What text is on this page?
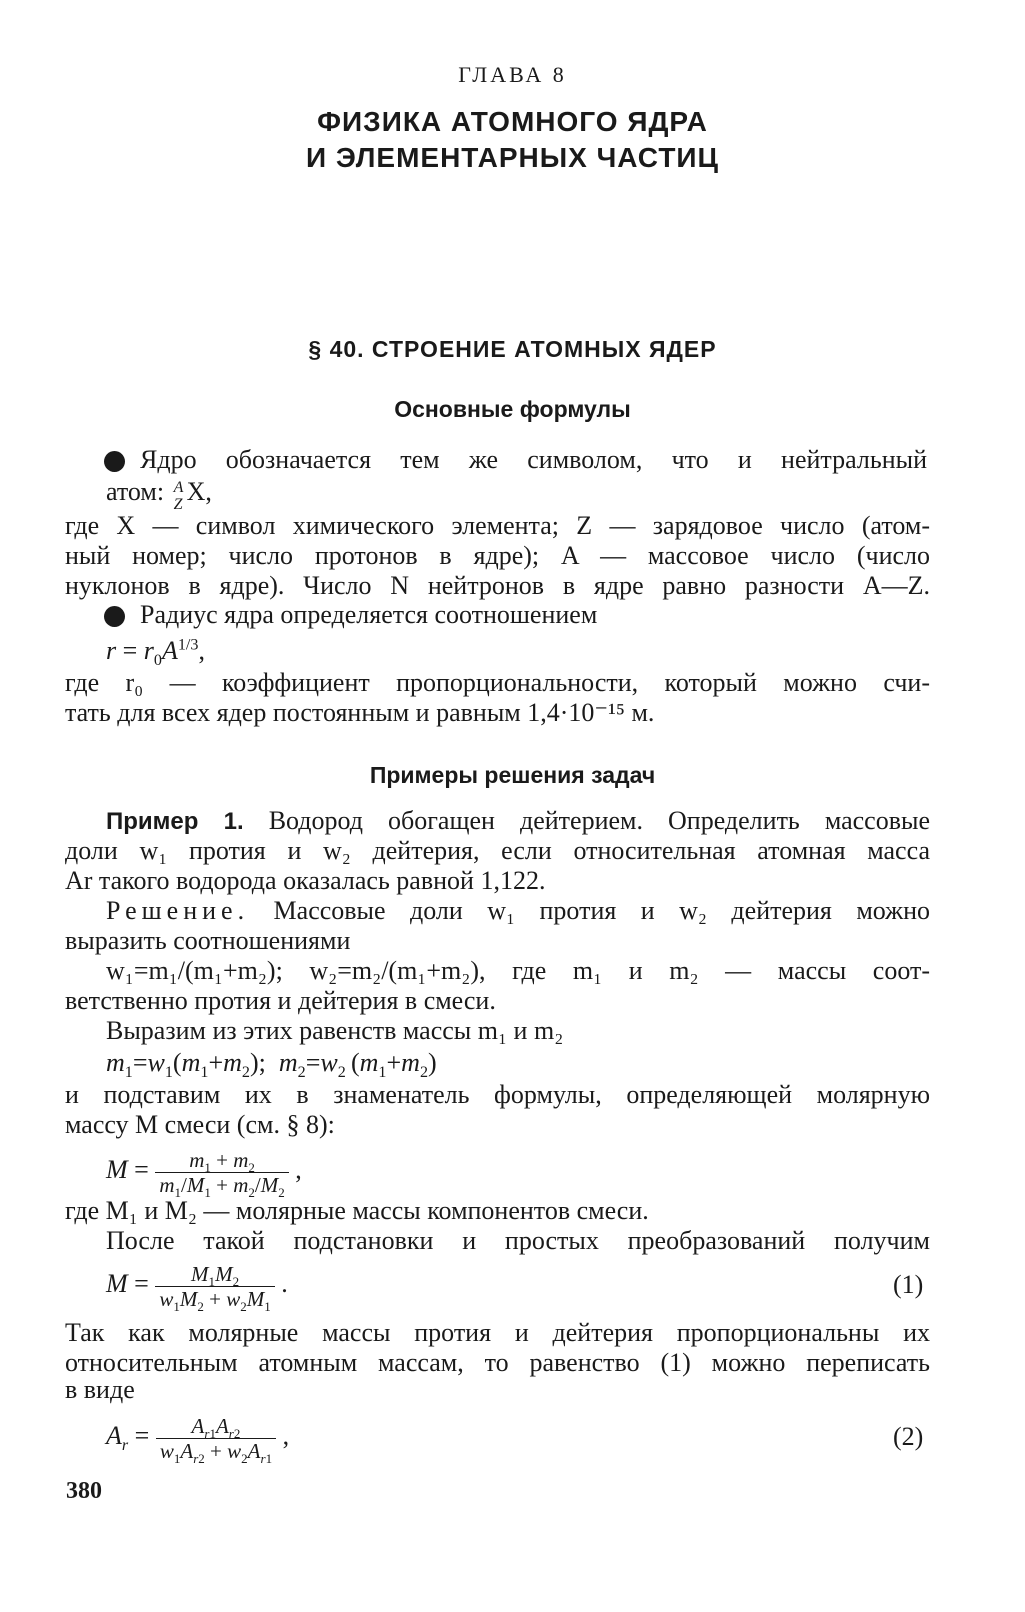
ГЛАВА 8
ФИЗИКА АТОМНОГО ЯДРА
И ЭЛЕМЕНТАРНЫХ ЧАСТИЦ
§ 40. СТРОЕНИЕ АТОМНЫХ ЯДЕР
Основные формулы
Ядро обозначается тем же символом, что и нейтральный
атом: A
Z X,
где X — символ химического элемента; Z — зарядовое число (атом-
ный номер; число протонов в ядре); A — массовое число (число
нуклонов в ядре). Число N нейтронов в ядре равно разности A—Z.
Радиус ядра определяется соотношением
$r = r_0A^{1/3}$,
где r₀ — коэффициент пропорциональности, который можно счи-
тать для всех ядер постоянным и равным 1,4·10⁻¹⁵ м.
Примеры решения задач
Пример 1. Водород обогащен дейтерием. Определить массовые
доли w₁ протия и w₂ дейтерия, если относительная атомная масса
Ar такого водорода оказалась равной 1,122.
Решение. Массовые доли w₁ протия и w₂ дейтерия можно
выразить соотношениями
w₁=m₁/(m₁+m₂); w₂=m₂/(m₁+m₂), где m₁ и m₂ — массы соот-
ветственно протия и дейтерия в смеси.
Выразим из этих равенств массы m₁ и m₂
$m_1=w_1(m_1+m_2)$;  $m_2=w_2$ $(m_1+m_2)$
и подставим их в знаменатель формулы, определяющей молярную
массу M смеси (см. § 8):
$M = \frac{m_1 + m_2}{m_1/M_1 + m_2/M_2}$ ,
где M₁ и M₂ — молярные массы компонентов смеси.
После такой подстановки и простых преобразований получим
$M = \frac{M_1M_2}{w_1M_2 + w_2M_1}$ .	(1)
Так как молярные массы протия и дейтерия пропорциональны их
относительным атомным массам, то равенство (1) можно переписать
в виде
$A_r = \frac{A_{r1}A_{r2}}{w_1A_{r2} + w_2A_{r1}}$ ,	(2)
380
